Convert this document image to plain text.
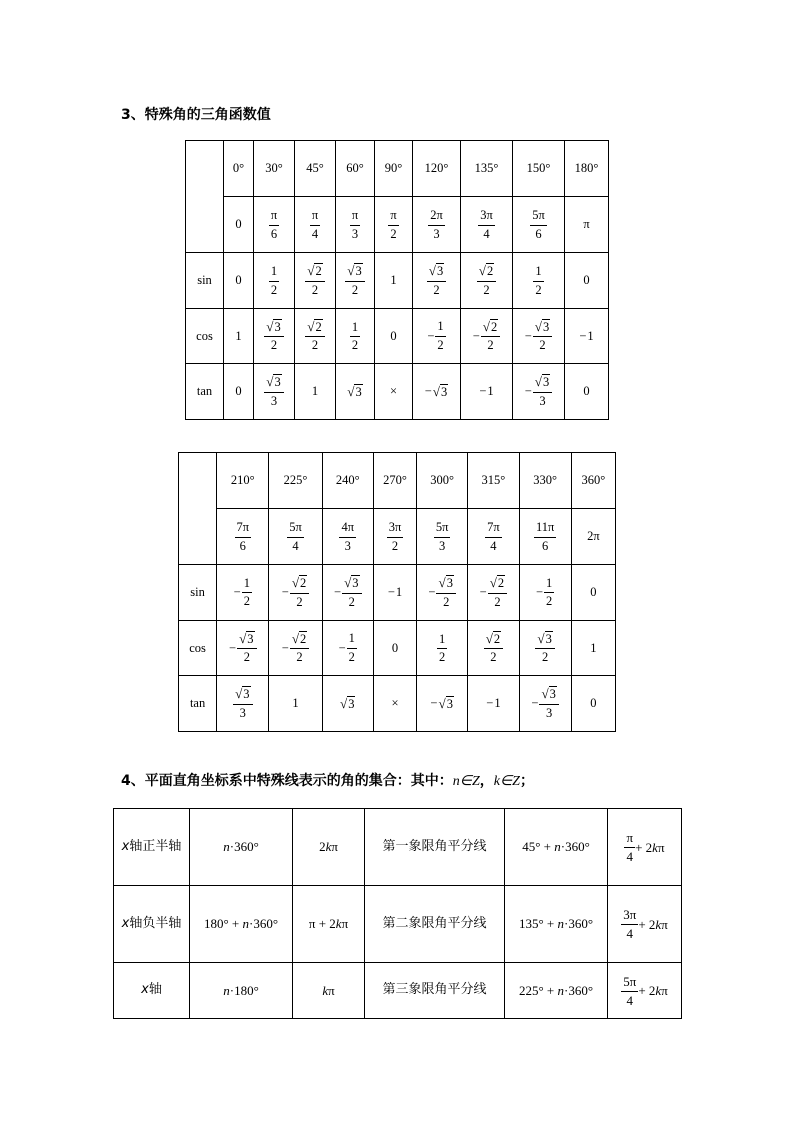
3、特殊角的三角函数值
	0°	30°	45°	60°	90°	120°	135°	150°	180°

	0	$\frac{\pi}{6}$	$\frac{\pi}{4}$	$\frac{\pi}{3}$	$\frac{\pi}{2}$	$\frac{2\pi}{3}$	$\frac{3\pi}{4}$	$\frac{5\pi}{6}$	π

sin	0	$\frac{1}{2}$	$\frac{√2}{2}$	$\frac{√3}{2}$	1	$\frac{√3}{2}$	$\frac{√2}{2}$	$\frac{1}{2}$	0

cos	1	$\frac{√3}{2}$	$\frac{√2}{2}$	$\frac{1}{2}$	0	− $\frac{1}{2}$	− $\frac{√2}{2}$	− $\frac{√3}{2}$	− 1

tan	0	$\frac{√3}{3}$	1	√3	×	− √3	− 1	− $\frac{√3}{3}$	0
	210°	225°	240°	270°	300°	315°	330°	360°

	$\frac{7\pi}{6}$	$\frac{5\pi}{4}$	$\frac{4\pi}{3}$	$\frac{3\pi}{2}$	$\frac{5\pi}{3}$	$\frac{7\pi}{4}$	$\frac{11\pi}{6}$	2π

sin	− $\frac{1}{2}$	− $\frac{√2}{2}$	− $\frac{√3}{2}$	− 1	− $\frac{√3}{2}$	− $\frac{√2}{2}$	− $\frac{1}{2}$	0

cos	− $\frac{√3}{2}$	− $\frac{√2}{2}$	− $\frac{1}{2}$	0	$\frac{1}{2}$	$\frac{√2}{2}$	$\frac{√3}{2}$	1

tan	$\frac{√3}{3}$	1	√3	×	− √3	− 1	− $\frac{√3}{3}$	0
4、平面直角坐标系中特殊线表示的角的集合：其中：n∈Z，k∈Z；
x轴正半轴	n·360°	2kπ	第一象限角平分线	45° + n·360°	$\frac{\pi}{4} + 2k\pi$

x轴负半轴	180° + n·360°	π + 2kπ	第二象限角平分线	135° + n·360°	$\frac{3\pi}{4} + 2k\pi$

x轴	n·180°	kπ	第三象限角平分线	225° + n·360°	$\frac{5\pi}{4} + 2k\pi$
